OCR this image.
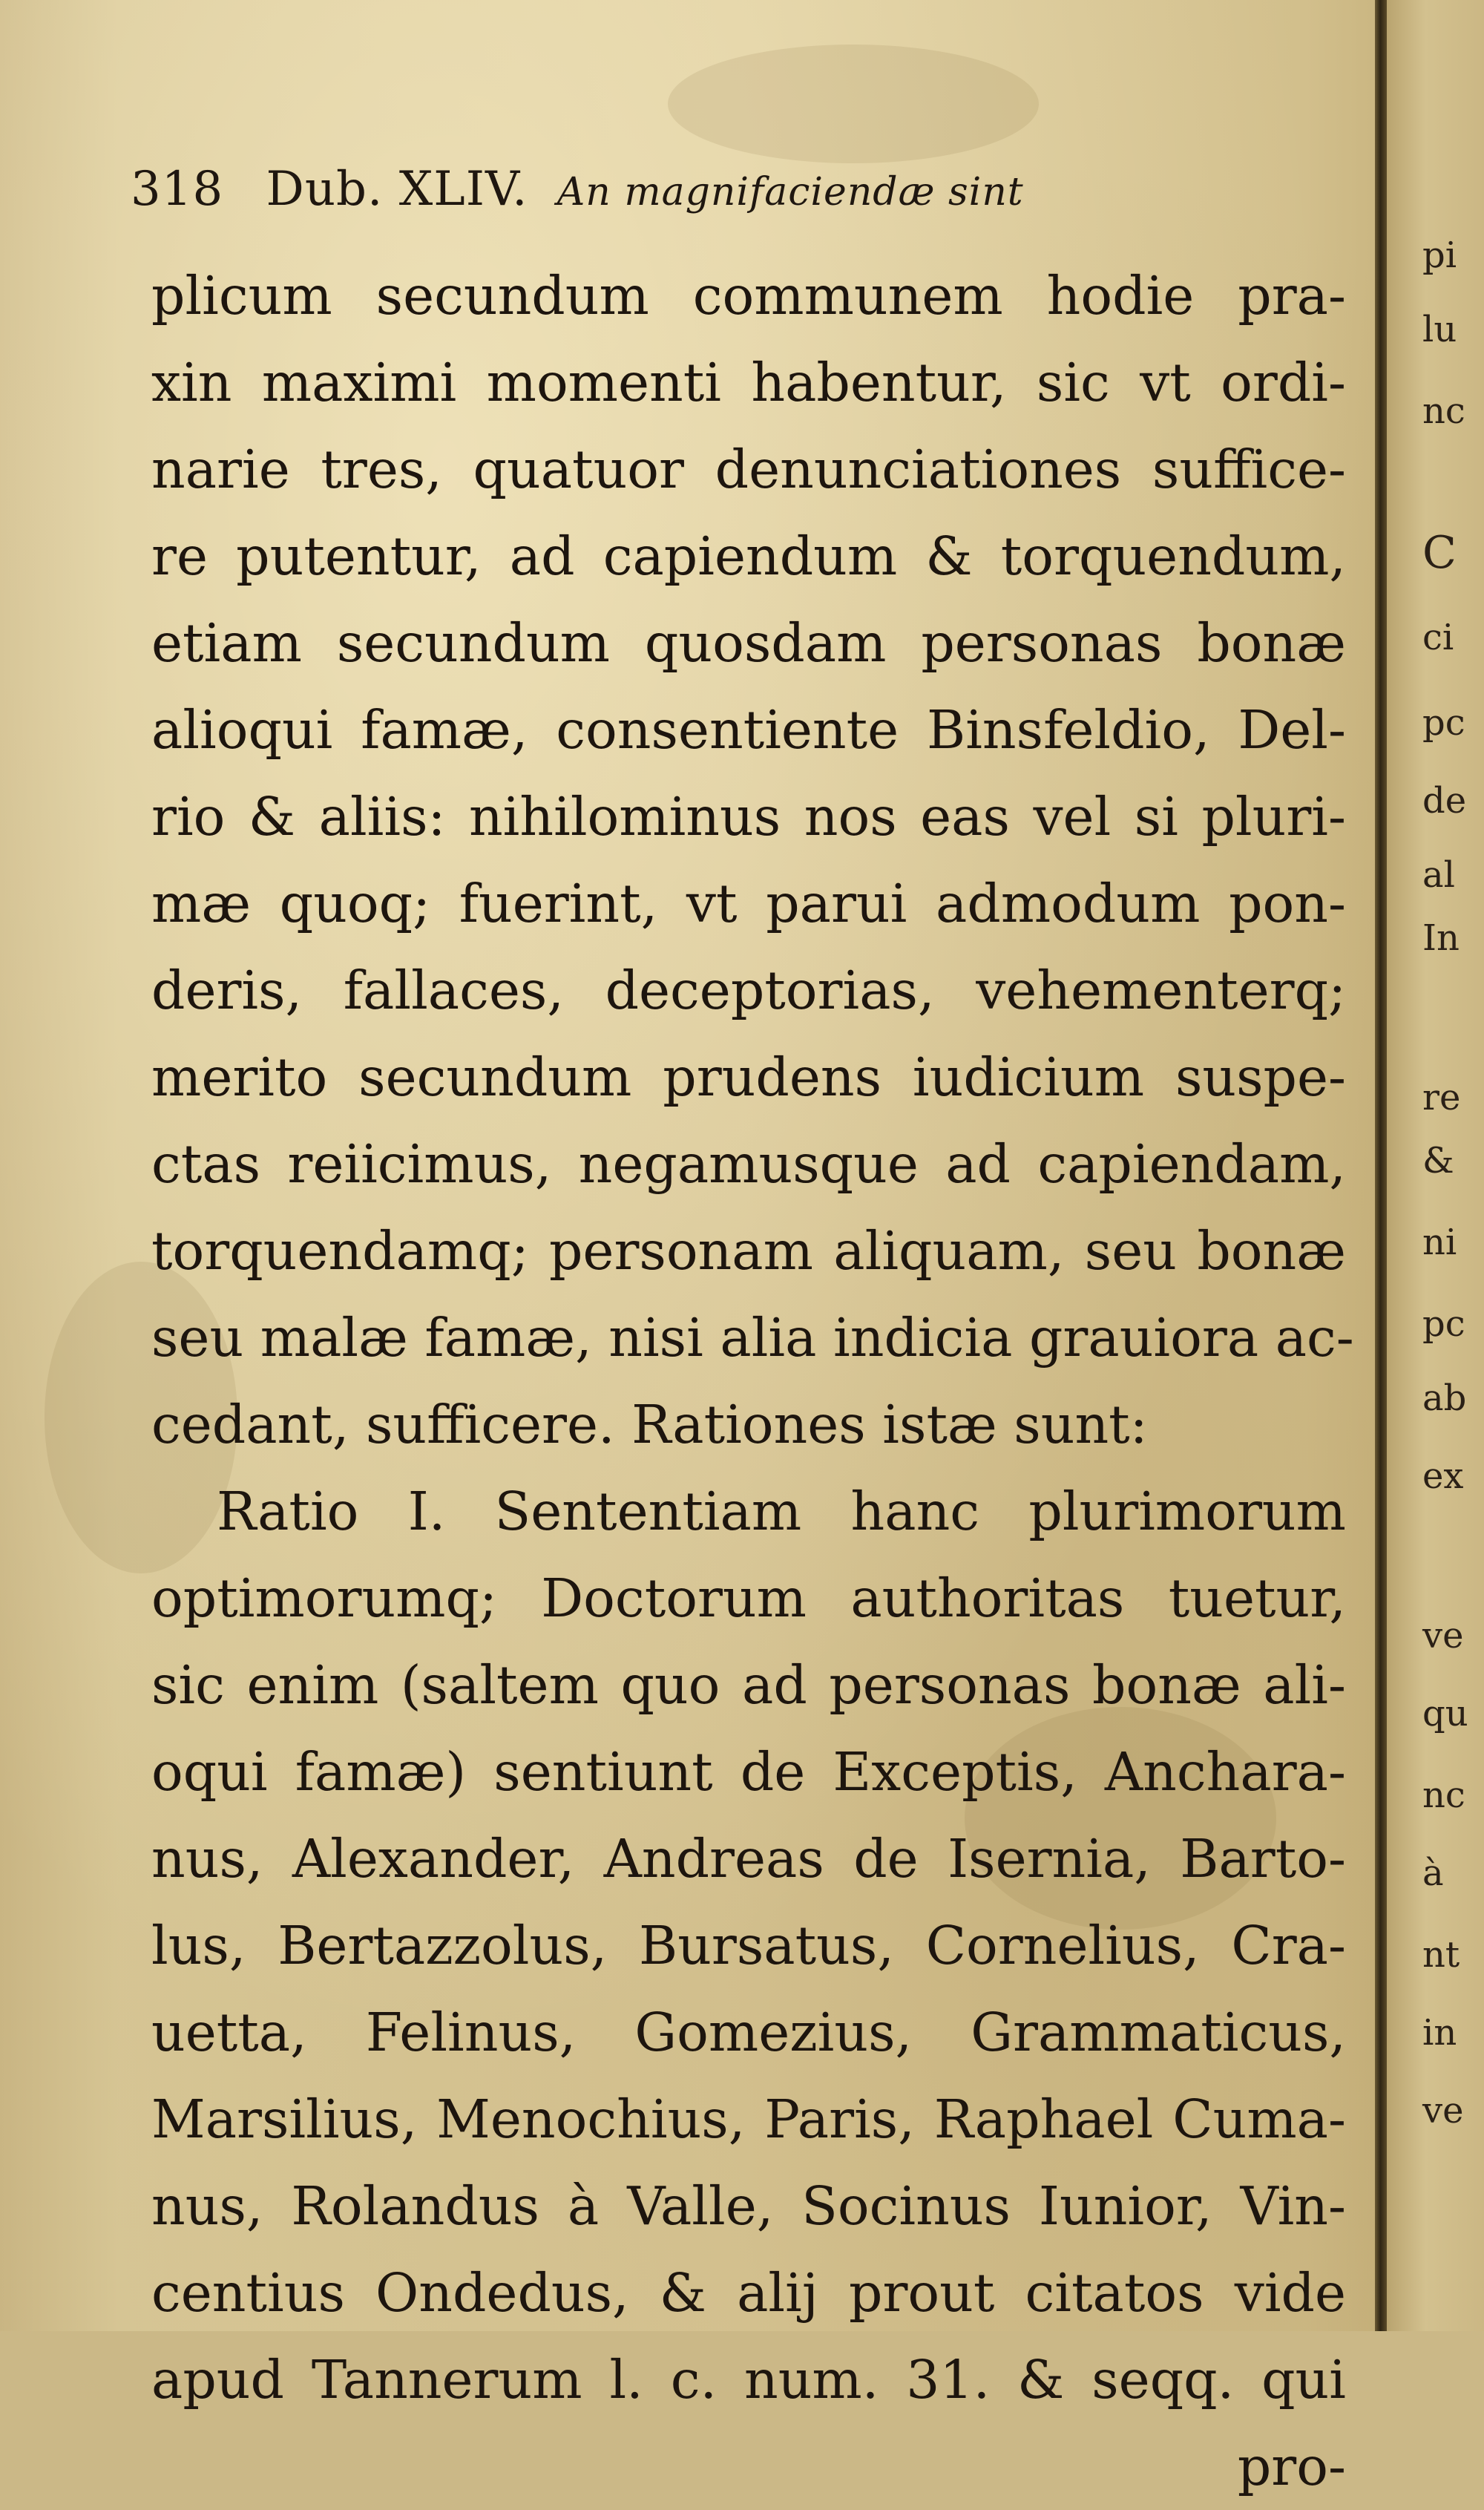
318 Dub. XLIV. An magnifaciendæ sint
plicum secundum communem hodie pra-
xin maximi momenti habentur, sic vt ordi-
narie tres, quatuor denunciationes suffice-
re putentur, ad capiendum & torquendum,
etiam secundum quosdam personas bonæ
alioqui famæ, consentiente Binsfeldio, Del-
rio & aliis: nihilominus nos eas vel si pluri-
mæ quoq; fuerint, vt parui admodum pon-
deris, fallaces, deceptorias, vehementerq;
merito secundum prudens iudicium suspe-
ctas reiicimus, negamusque ad capiendam,
torquendamq; personam aliquam, seu bonæ
seu malæ famæ, nisi alia indicia grauiora ac-
cedant, sufficere. Rationes istæ sunt:
Ratio I. Sententiam hanc plurimorum
optimorumq; Doctorum authoritas tuetur,
sic enim (saltem quo ad personas bonæ ali-
oqui famæ) sentiunt de Exceptis, Anchara-
nus, Alexander, Andreas de Isernia, Barto-
lus, Bertazzolus, Bursatus, Cornelius, Cra-
uetta, Felinus, Gomezius, Grammaticus,
Marsilius, Menochius, Paris, Raphael Cuma-
nus, Rolandus à Valle, Socinus Iunior, Vin-
centius Ondedus, & alij prout citatos vide
apud Tannerum l. c. num. 31. & seqq. qui
pro-
pi
lu
nc
C
ci
pc
de
al
In
re
&
ni
pc
ab
ex
ve
qu
nc
à
nt
in
ve
